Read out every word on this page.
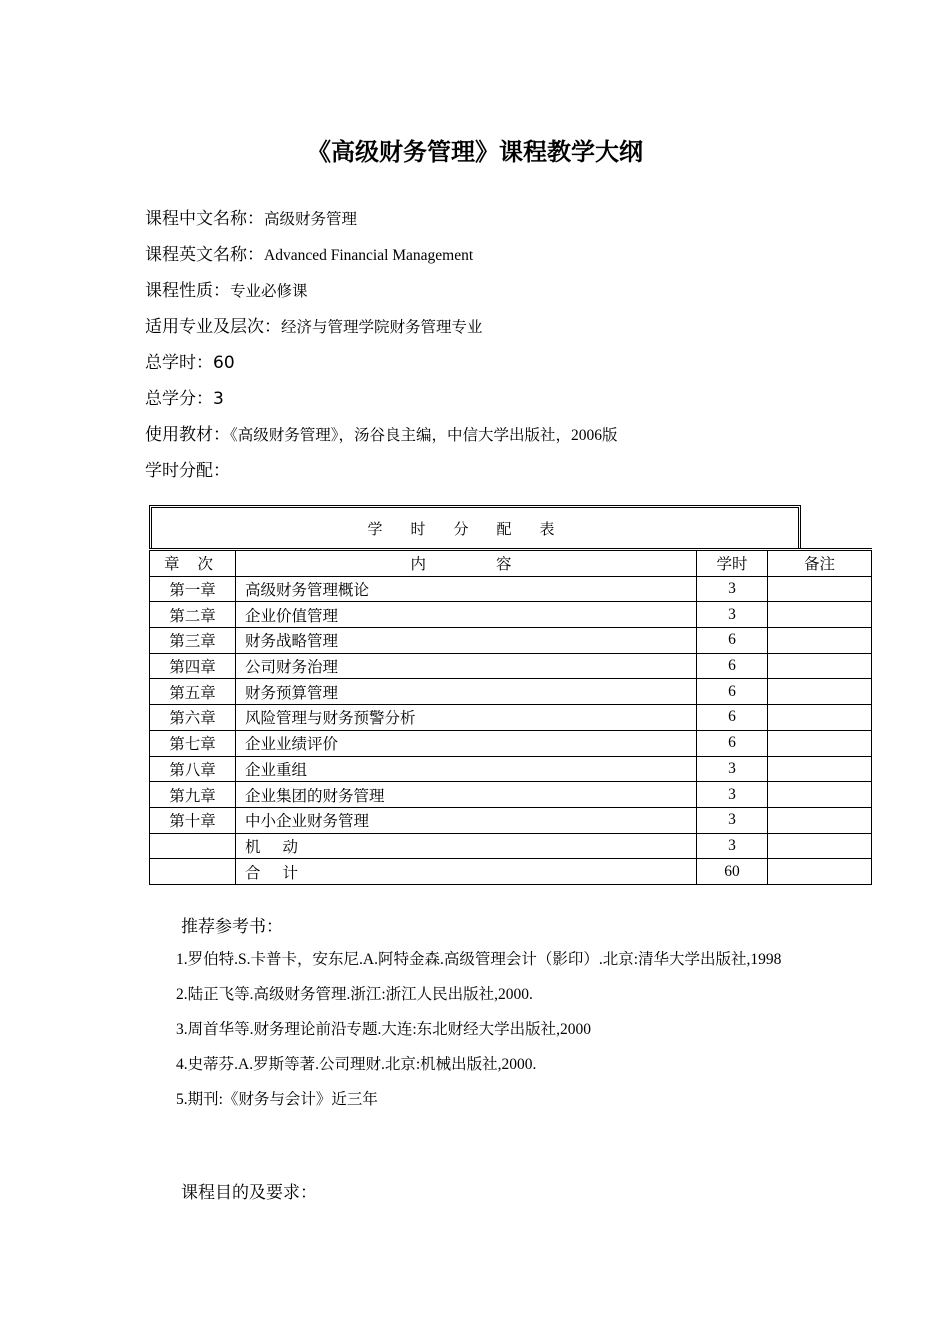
《高级财务管理》课程教学大纲
课程中文名称：高级财务管理
课程英文名称：Advanced Financial Management
课程性质：专业必修课
适用专业及层次：经济与管理学院财务管理专业
总学时：60
总学分：3
使用教材：《高级财务管理》，汤谷良主编，中信大学出版社，2006版
学时分配：
学时分配表
章次	内容	学时	备注
第一章	高级财务管理概论	3	
第二章	企业价值管理	3	
第三章	财务战略管理	6	
第四章	公司财务治理	6	
第五章	财务预算管理	6	
第六章	风险管理与财务预警分析	6	
第七章	企业业绩评价	6	
第八章	企业重组	3	
第九章	企业集团的财务管理	3	
第十章	中小企业财务管理	3	
	机动	3	
	合计	60	
推荐参考书：
1.罗伯特.S.卡普卡，安东尼.A.阿特金森.高级管理会计（影印）.北京:清华大学出版社,1998
2.陆正飞等.高级财务管理.浙江:浙江人民出版社,2000.
3.周首华等.财务理论前沿专题.大连:东北财经大学出版社,2000
4.史蒂芬.A.罗斯等著.公司理财.北京:机械出版社,2000.
5.期刊:《财务与会计》近三年
课程目的及要求：
